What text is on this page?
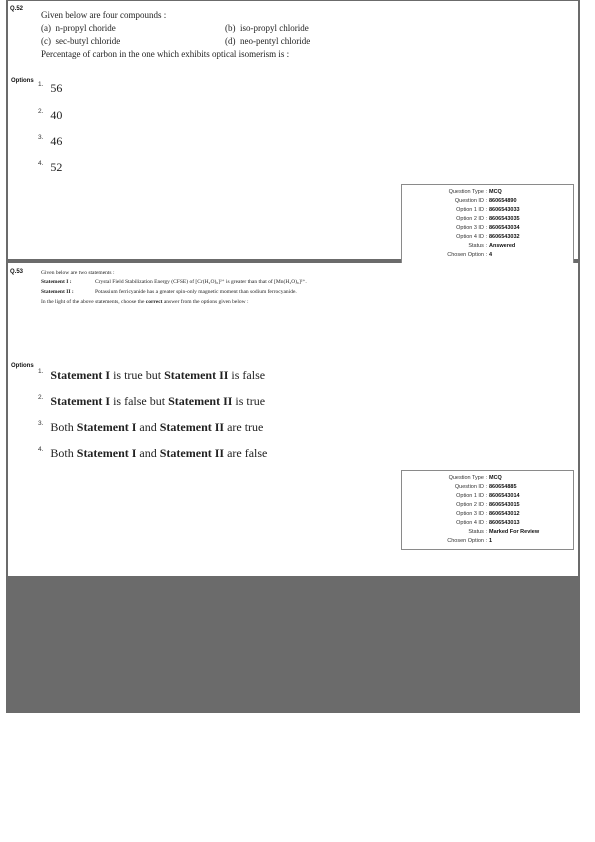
Q.52
Given below are four compounds :
(a) n-propyl choride	(b) iso-propyl chloride
(c) sec-butyl chloride	(d) neo-pentyl chloride
Percentage of carbon in the one which exhibits optical isomerism is :
Options $^{1.}$ 56
$^{2.}$ 40
$^{3.}$ 46
$^{4.}$ 52
Question Type : MCQ
Question ID : 860654890
Option 1 ID : 8606543033
Option 2 ID : 8606543035
Option 3 ID : 8606543034
Option 4 ID : 8606543032
Status : Answered
Chosen Option : 4
Q.53	Given below are two statements :
Statement I :	Crystal Field Stabilization Energy (CFSE) of [Cr(H₂O)₆]²⁺ is greater than that of [Mn(H₂O)₆]²⁺.
Statement II :	Potassium ferricyanide has a greater spin-only magnetic moment than sodium ferrocyanide.
In the light of the above statements, choose the correct answer from the options given below :
Options
$^{1.}$ Statement I is true but Statement II is false
$^{2.}$ Statement I is false but Statement II is true
$^{3.}$ Both Statement I and Statement II are true
$^{4.}$ Both Statement I and Statement II are false
Question Type : MCQ
Question ID : 860654885
Option 1 ID : 8606543014
Option 2 ID : 8606543015
Option 3 ID : 8606543012
Option 4 ID : 8606543013
Status : Marked For Review
Chosen Option : 1
